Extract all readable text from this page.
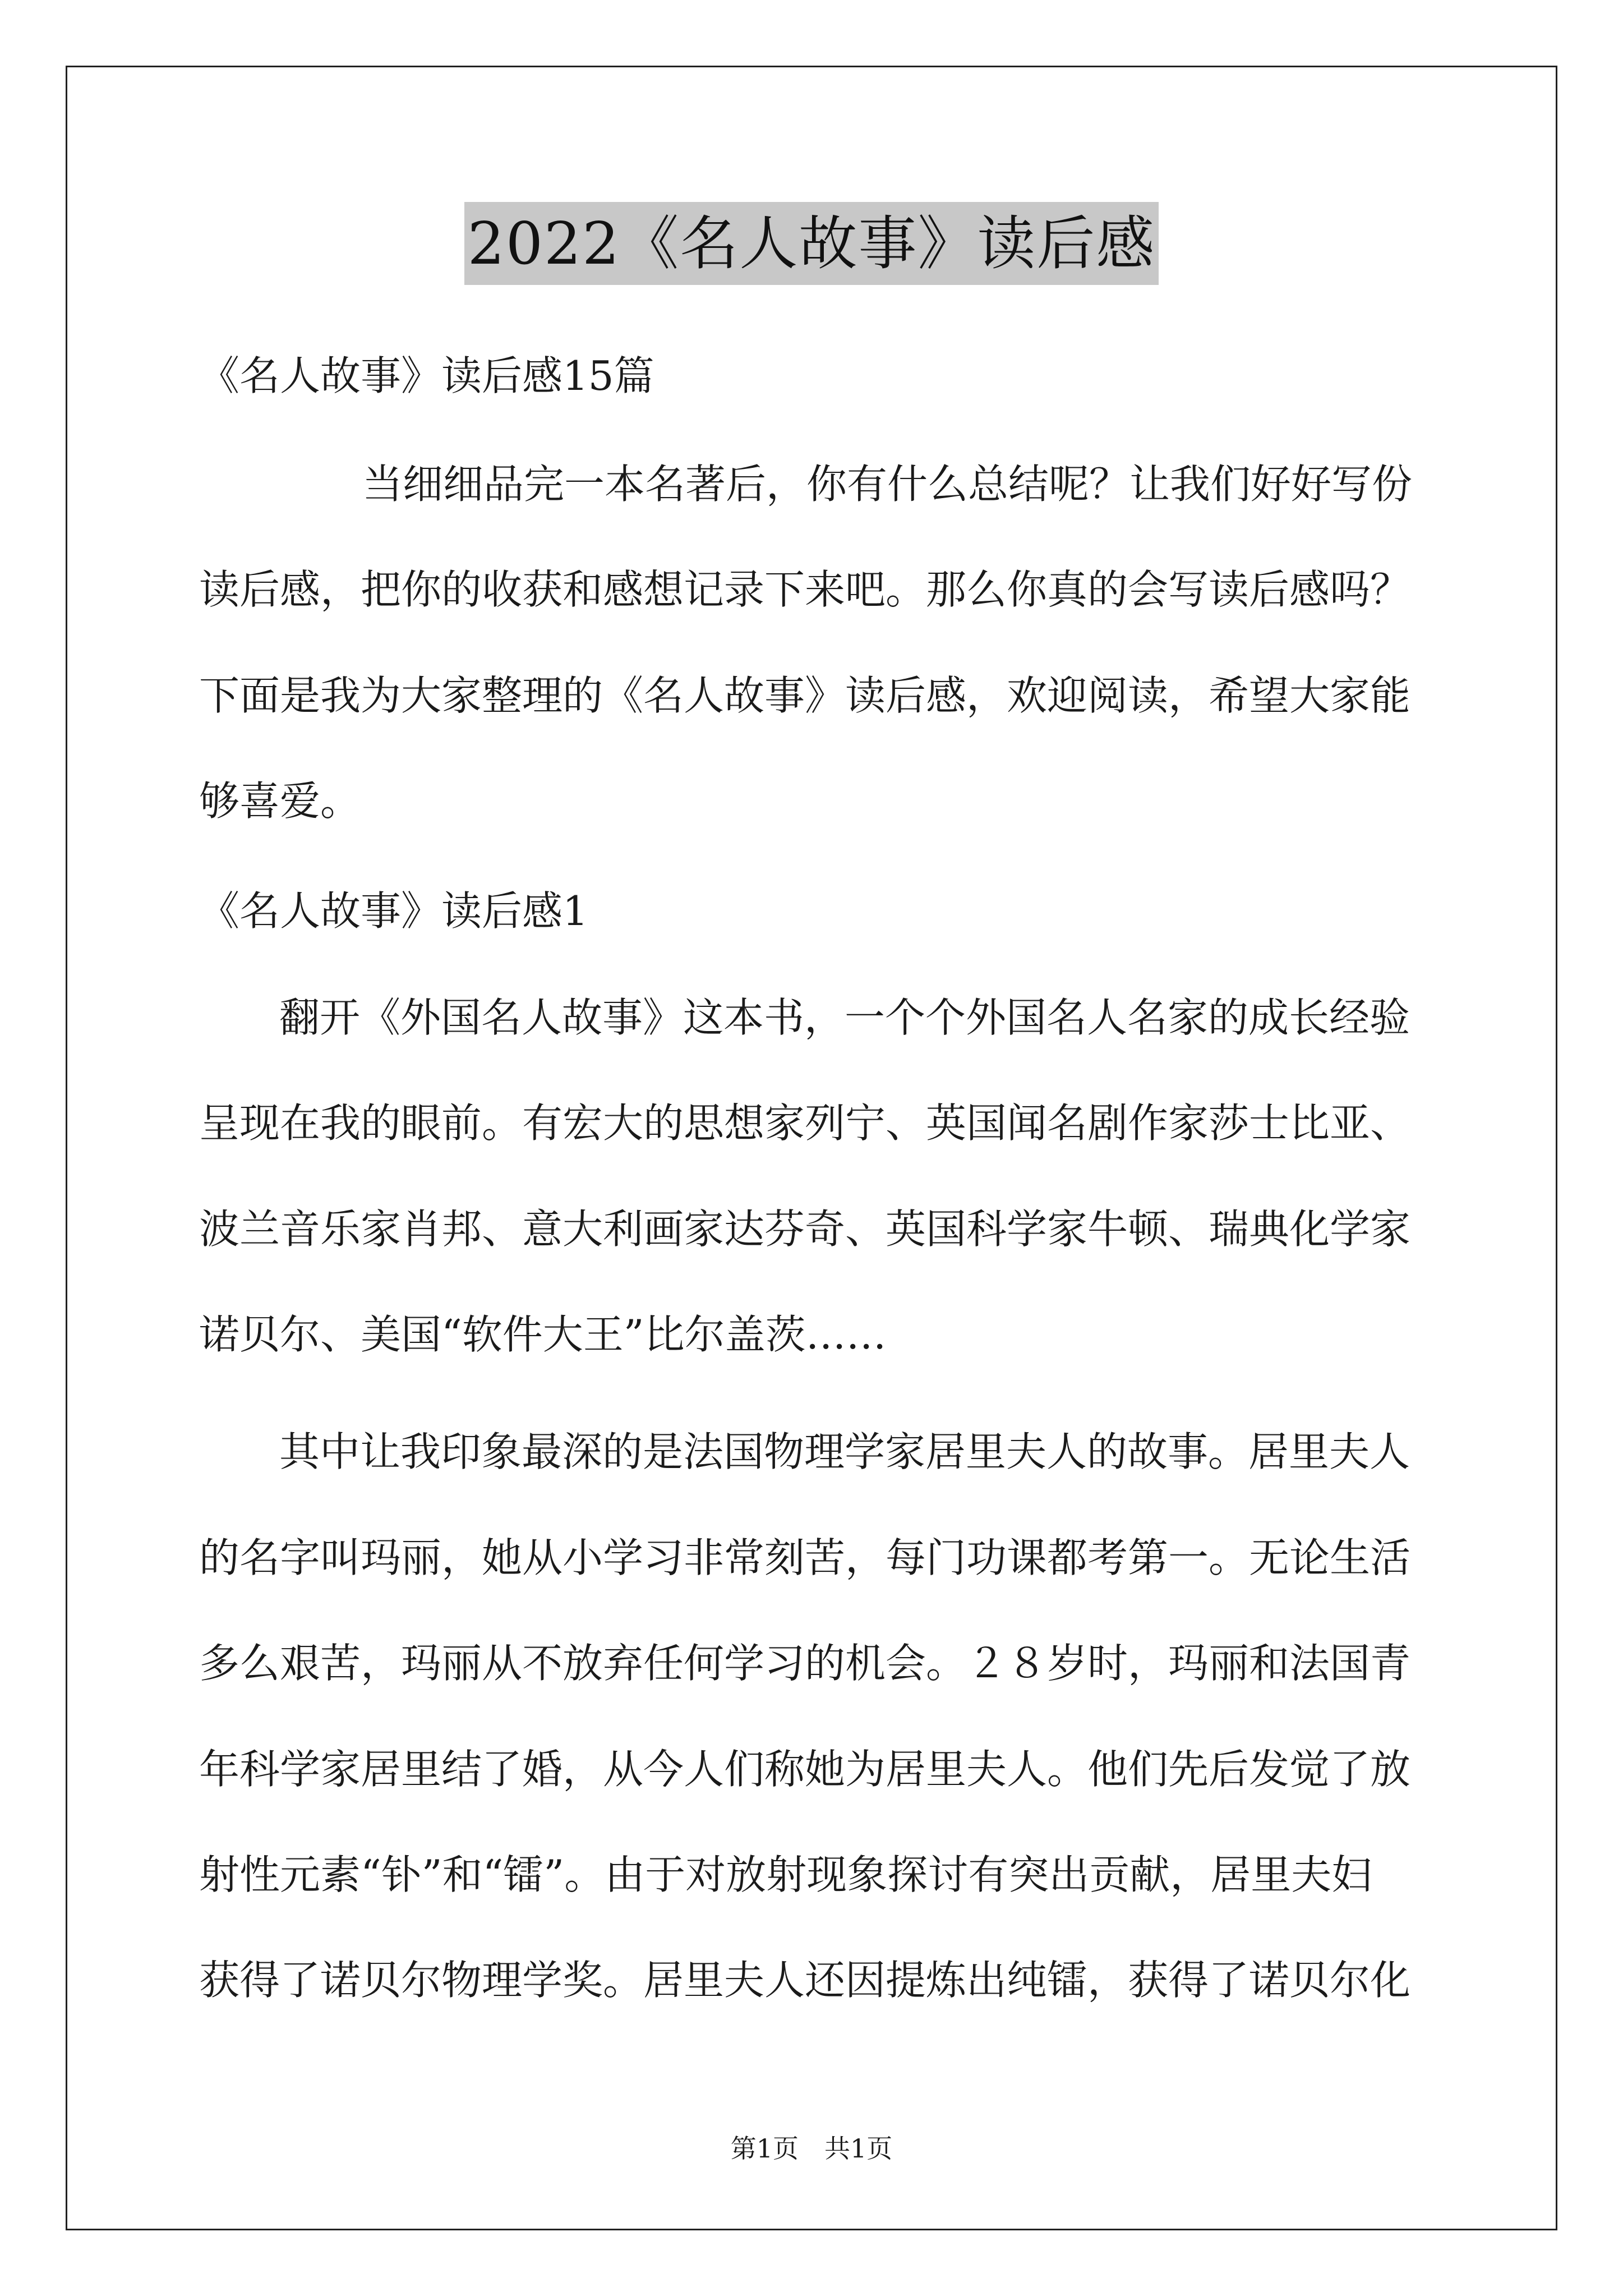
2022《名人故事》读后感
《名人故事》读后感15篇
当细细品完一本名著后，你有什么总结呢？让我们好好写份
读后感，把你的收获和感想记录下来吧。那么你真的会写读后感吗？
下面是我为大家整理的《名人故事》读后感，欢迎阅读，希望大家能
够喜爱。
《名人故事》读后感1
翻开《外国名人故事》这本书，一个个外国名人名家的成长经验
呈现在我的眼前。有宏大的思想家列宁、英国闻名剧作家莎士比亚、
波兰音乐家肖邦、意大利画家达芬奇、英国科学家牛顿、瑞典化学家
诺贝尔、美国“软件大王”比尔盖茨……
其中让我印象最深的是法国物理学家居里夫人的故事。居里夫人
的名字叫玛丽，她从小学习非常刻苦，每门功课都考第一。无论生活
多么艰苦，玛丽从不放弃任何学习的机会。２８岁时，玛丽和法国青
年科学家居里结了婚，从今人们称她为居里夫人。他们先后发觉了放
射性元素“钋”和“镭”。由于对放射现象探讨有突出贡献，居里夫妇
获得了诺贝尔物理学奖。居里夫人还因提炼出纯镭，获得了诺贝尔化
第1页　共1页
